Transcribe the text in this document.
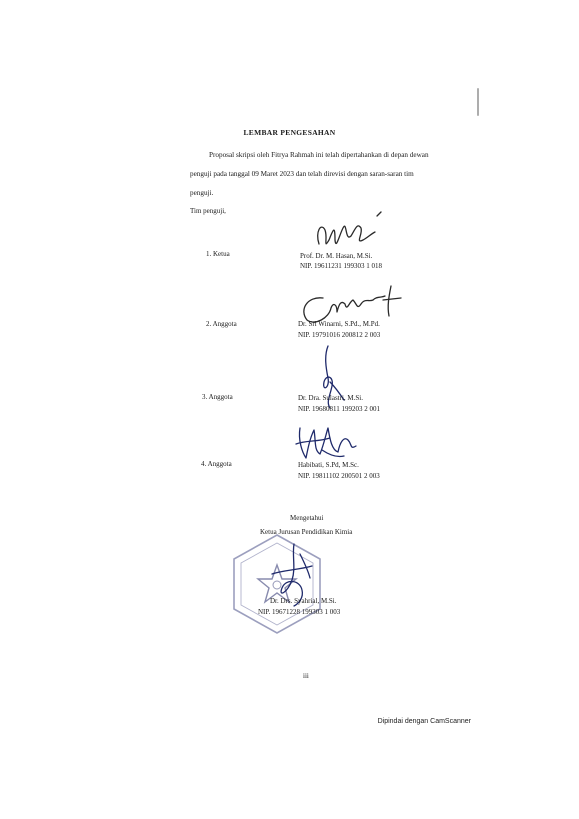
LEMBAR PENGESAHAN
Proposal skripsi oleh Fitrya Rahmah ini telah dipertahankan di depan dewan
penguji pada tanggal 09 Maret 2023 dan telah direvisi dengan saran-saran tim
penguji.
Tim penguji,
1. Ketua	Prof. Dr. M. Hasan, M.Si.
NIP. 19611231 199303 1 018
2. Anggota	Dr. Sri Winarni, S.Pd., M.Pd.
NIP. 19791016 200812 2 003
3. Anggota	Dr. Dra. Sulastri, M.Si.
NIP. 19680811 199203 2 001
4. Anggota	Habibati, S.Pd, M.Sc.
NIP. 19811102 200501 2 003
Mengetahui
Ketua Jurusan Pendidikan Kimia
Dr. Drs. Syahrial, M.Si.
NIP. 19671228 199303 1 003
iii
Dipindai dengan CamScanner
